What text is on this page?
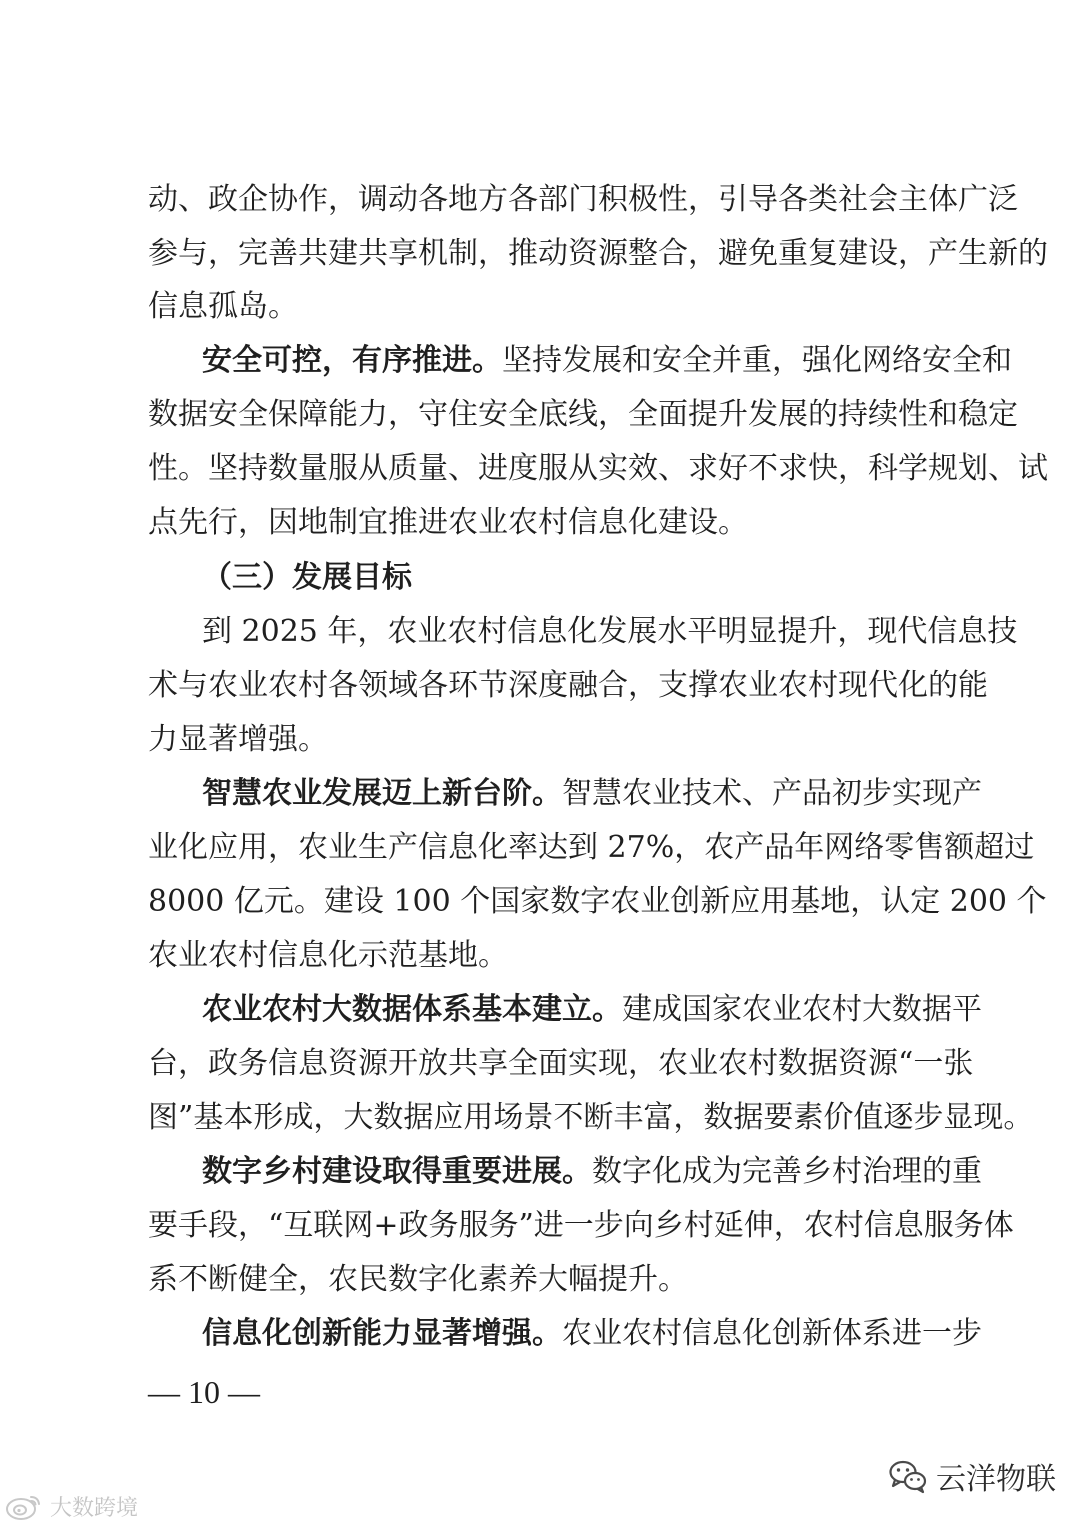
动、政企协作，调动各地方各部门积极性，引导各类社会主体广泛
参与，完善共建共享机制，推动资源整合，避免重复建设，产生新的
信息孤岛。
安全可控，有序推进。 坚持发展和安全并重，强化网络安全和
数据安全保障能力，守住安全底线，全面提升发展的持续性和稳定
性。坚持数量服从质量、进度服从实效、求好不求快，科学规划、试
点先行，因地制宜推进农业农村信息化建设。
（三）发展目标
到 2025 年，农业农村信息化发展水平明显提升，现代信息技
术与农业农村各领域各环节深度融合，支撑农业农村现代化的能
力显著增强。
智慧农业发展迈上新台阶。 智慧农业技术、产品初步实现产
业化应用，农业生产信息化率达到 27%，农产品年网络零售额超过
8000 亿元。建设 100 个国家数字农业创新应用基地，认定 200 个
农业农村信息化示范基地。
农业农村大数据体系基本建立。 建成国家农业农村大数据平
台，政务信息资源开放共享全面实现，农业农村数据资源“一张
图”基本形成，大数据应用场景不断丰富，数据要素价值逐步显现。
数字乡村建设取得重要进展。 数字化成为完善乡村治理的重
要手段，“互联网+政务服务”进一步向乡村延伸，农村信息服务体
系不断健全，农民数字化素养大幅提升。
信息化创新能力显著增强。 农业农村信息化创新体系进一步
— 10 —
大数跨境
云洋物联
